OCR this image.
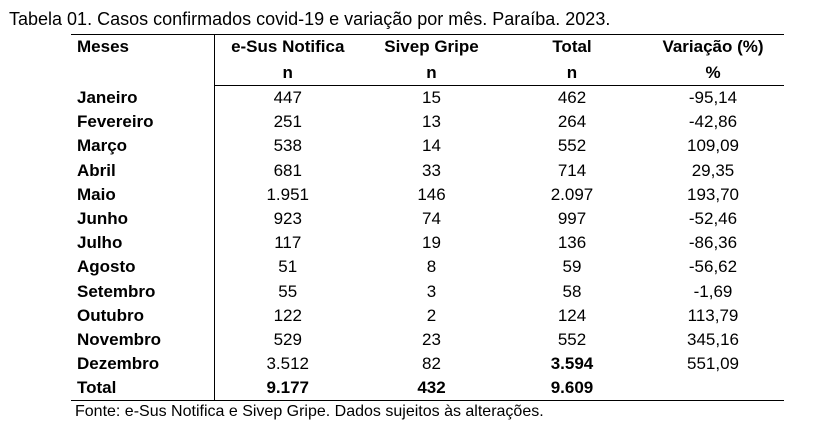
Tabela 01. Casos confirmados covid-19 e variação por mês. Paraíba. 2023.
Meses	e-Sus Notifica	Sivep Gripe	Total	Variação (%)
	n	n	n	%
Janeiro	447	15	462	-95,14
Fevereiro	251	13	264	-42,86
Março	538	14	552	109,09
Abril	681	33	714	29,35
Maio	1.951	146	2.097	193,70
Junho	923	74	997	-52,46
Julho	117	19	136	-86,36
Agosto	51	8	59	-56,62
Setembro	55	3	58	-1,69
Outubro	122	2	124	113,79
Novembro	529	23	552	345,16
Dezembro	3.512	82	3.594	551,09
Total	9.177	432	9.609	
Fonte: e-Sus Notifica e Sivep Gripe. Dados sujeitos às alterações.
